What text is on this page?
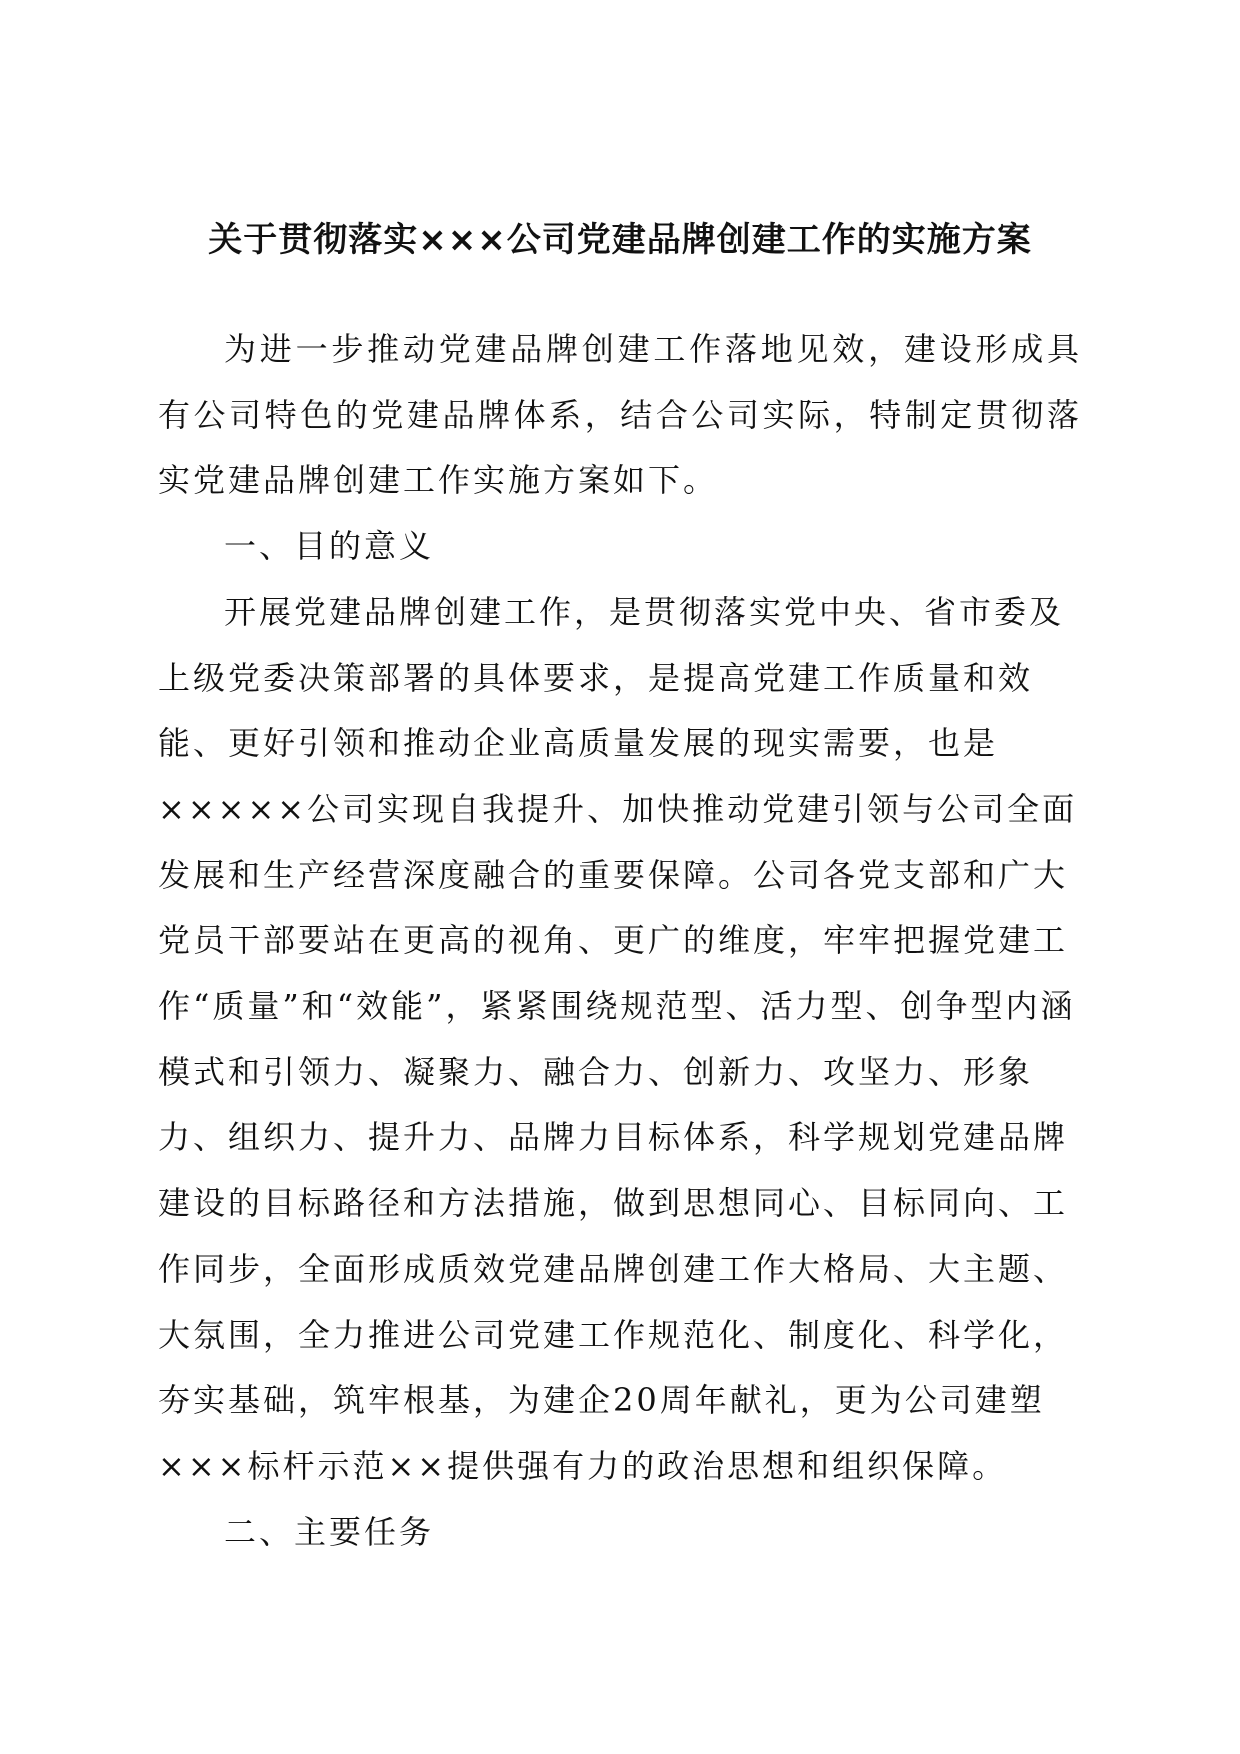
关于贯彻落实×××公司党建品牌创建工作的实施方案

为进一步推动党建品牌创建工作落地见效，建设形成具有公司特色的党建品牌体系，结合公司实际，特制定贯彻落实党建品牌创建工作实施方案如下。

一、目的意义

开展党建品牌创建工作，是贯彻落实党中央、省市委及上级党委决策部署的具体要求，是提高党建工作质量和效能、更好引领和推动企业高质量发展的现实需要，也是×××××公司实现自我提升、加快推动党建引领与公司全面发展和生产经营深度融合的重要保障。公司各党支部和广大党员干部要站在更高的视角、更广的维度，牢牢把握党建工作“质量”和“效能”，紧紧围绕规范型、活力型、创争型内涵模式和引领力、凝聚力、融合力、创新力、攻坚力、形象力、组织力、提升力、品牌力目标体系，科学规划党建品牌建设的目标路径和方法措施，做到思想同心、目标同向、工作同步，全面形成质效党建品牌创建工作大格局、大主题、大氛围，全力推进公司党建工作规范化、制度化、科学化，夯实基础，筑牢根基，为建企20周年献礼，更为公司建塑×××标杆示范××提供强有力的政治思想和组织保障。

二、主要任务
